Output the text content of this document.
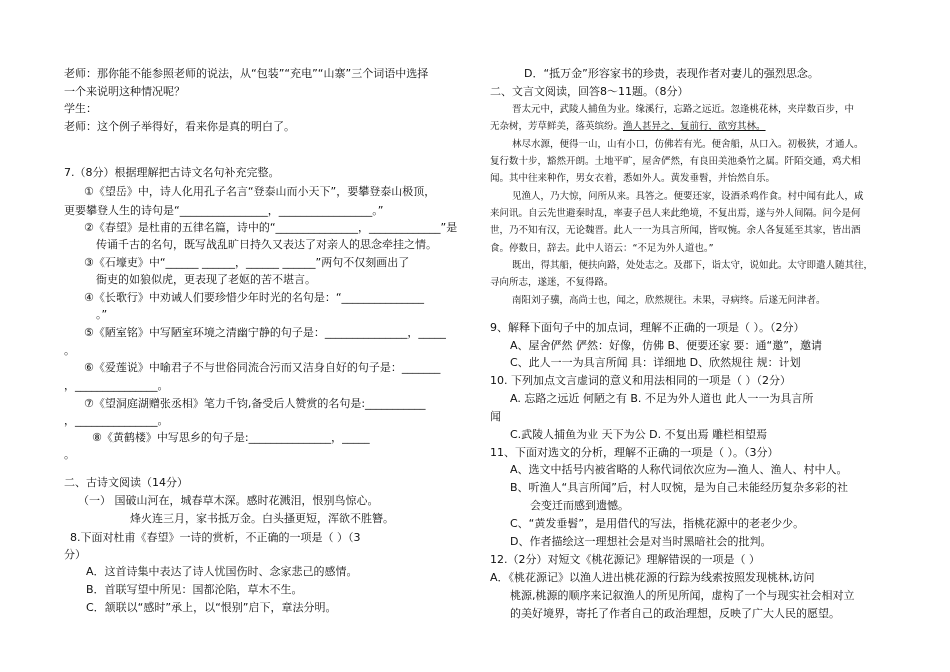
老师：那你能不能参照老师的说法，从“包装”“充电”“山寨”三个词语中选择
一个来说明这种情况呢？
学生：
老师：这个例子举得好，看来你是真的明白了。
7.（8分）根据理解把古诗文名句补充完整。
①《望岳》中，诗人化用孔子名言“登泰山而小天下”，要攀登泰山极顶，
更要攀登人生的诗句是“________________，_________________。”
②《春望》是杜甫的五律名篇，诗中的“_______________，_____________”是
传诵千古的名句，既写战乱旷日持久又表达了对亲人的思念牵挂之情。
③《石壕吏》中“______ ______，______ ______”两句不仅刻画出了
衙吏的如狼似虎，更表现了老妪的苦不堪言。
④《长歌行》中劝诫人们要珍惜少年时光的名句是：“_______________
。”
⑤《陋室铭》中写陋室环境之清幽宁静的句子是：_______________，_____
。
⑥《爱莲说》中喻君子不与世俗同流合污而又洁身自好的句子是：_______
，_______________。
⑦《望洞庭湖赠张丞相》笔力千钧,备受后人赞赏的名句是:___________
，_______________。
⑧《黄鹤楼》中写思乡的句子是:_______________，_____
。
二、古诗文阅读（14分）
（一） 国破山河在，城春草木深。感时花溅泪，恨别鸟惊心。
烽火连三月，家书抵万金。白头搔更短，浑欲不胜簪。
8.下面对杜甫《春望》一诗的赏析，不正确的一项是（ ）（3
分）
A．这首诗集中表达了诗人忧国伤时、念家悲己的感情。
B．首联写望中所见：国都沦陷，草木不生。
C．颔联以“感时”承上，以“恨别”启下，章法分明。
D．“抵万金”形容家书的珍贵，表现作者对妻儿的强烈思念。
二、文言文阅读，回答8～11题。（8分）
晋太元中，武陵人捕鱼为业。缘溪行，忘路之远近。忽逢桃花林，夹岸数百步，中
无杂树，芳草鲜美，落英缤纷。渔人甚异之，复前行，欲穷其林。
林尽水源，便得一山，山有小口，仿佛若有光。便舍船，从口入。初极狭，才通人。
复行数十步，豁然开朗。土地平旷，屋舍俨然，有良田美池桑竹之属。阡陌交通，鸡犬相
闻。其中往来种作，男女衣着，悉如外人。黄发垂髫，并怡然自乐。
见渔人，乃大惊，问所从来。具答之。便要还家，设酒杀鸡作食。村中闻有此人，咸
来问讯。自云先世避秦时乱，率妻子邑人来此绝境，不复出焉，遂与外人间隔。问今是何
世，乃不知有汉，无论魏晋。此人一一为具言所闻，皆叹惋。余人各复延至其家，皆出酒
食。停数日，辞去。此中人语云：“不足为外人道也。”
既出，得其船，便扶向路，处处志之。及郡下，诣太守，说如此。太守即遣人随其往，
寻向所志，遂迷，不复得路。
南阳刘子骥，高尚士也，闻之，欣然规往。未果，寻病终。后遂无问津者。
9、解释下面句子中的加点词，理解不正确的一项是（ ）。（2分）
A、屋舍俨然 俨然：好像，仿佛 B、便要还家 要：通“邀”，邀请
C、此人一一为具言所闻 具：详细地 D、欣然规往 规：计划
10. 下列加点文言虚词的意义和用法相同的一项是（ ）（2分）
A. 忘路之远近 何陋之有 B. 不足为外人道也 此人一一为具言所
闻
C.武陵人捕鱼为业 天下为公 D. 不复出焉 雕栏相望焉
11、下面对选文的分析，理解不正确的一项是（ ）。（3分）
A、选文中括号内被省略的人称代词依次应为—渔人、渔人、村中人。
B、听渔人“具言所闻”后，村人叹惋，是为自己未能经历复杂多彩的社
会变迁而感到遗憾。
C、“黄发垂髫”，是用借代的写法，指桃花源中的老老少少。
D、作者描绘这一理想社会是对当时黑暗社会的批判。
12.（2分）对短文《桃花源记》理解错误的一项是（ ）
A．《桃花源记》以渔人进出桃花源的行踪为线索按照发现桃林,访问
桃源,桃源的顺序来记叙渔人的所见所闻，虚构了一个与现实社会相对立
的美好境界，寄托了作者自己的政治理想，反映了广大人民的愿望。
